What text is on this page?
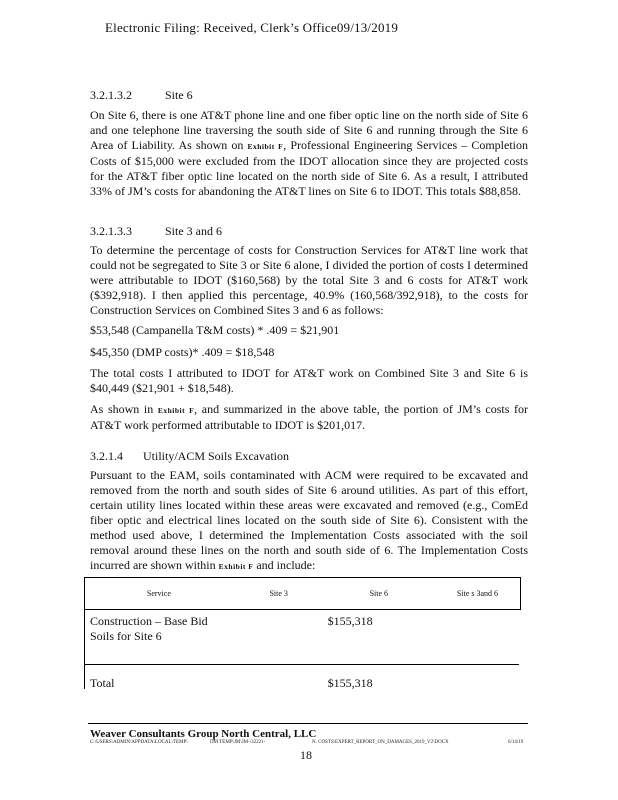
Electronic Filing: Received, Clerk’s Office09/13/2019
3.2.1.3.2	Site 6
On Site 6, there is one AT&T phone line and one fiber optic line on the north side of Site 6 and one telephone line traversing the south side of Site 6 and running through the Site 6 Area of Liability. As shown on Exhibit F, Professional Engineering Services – Completion Costs of $15,000 were excluded from the IDOT allocation since they are projected costs for the AT&T fiber optic line located on the north side of Site 6. As a result, I attributed 33% of JM’s costs for abandoning the AT&T lines on Site 6 to IDOT. This totals $88,858.
3.2.1.3.3	Site 3 and 6
To determine the percentage of costs for Construction Services for AT&T line work that could not be segregated to Site 3 or Site 6 alone, I divided the portion of costs I determined were attributable to IDOT ($160,568) by the total Site 3 and 6 costs for AT&T work ($392,918). I then applied this percentage, 40.9% (160,568/392,918), to the costs for Construction Services on Combined Sites 3 and 6 as follows:
$53,548 (Campanella T&M costs) * .409 = $21,901
$45,350 (DMP costs)* .409 = $18,548
The total costs I attributed to IDOT for AT&T work on Combined Site 3 and Site 6 is $40,449 ($21,901 + $18,548).
As shown in Exhibit F, and summarized in the above table, the portion of JM’s costs for AT&T work performed attributable to IDOT is $201,017.
3.2.1.4 Utility/ACM Soils Excavation
Pursuant to the EAM, soils contaminated with ACM were required to be excavated and removed from the north and south sides of Site 6 around utilities. As part of this effort, certain utility lines located within these areas were excavated and removed (e.g., ComEd fiber optic and electrical lines located on the south side of Site 6). Consistent with the method used above, I determined the Implementation Costs associated with the soil removal around these lines on the north and south side of 6. The Implementation Costs incurred are shown within Exhibit F and include:
Service	Site 3	Site 6	Site s 3and 6
Construction – Base Bid Soils for Site 6		$155,318	
Total		$155,318	
Weaver Consultants Group North Central, LLC
C:\USERS\ADMIN\APPDATA\LOCAL\TEMP\	DM TEMP\JM\JM-\32221-	N. COSTS\EXPERT_REPORT_ON_DAMAGES_2019_V2\DOCX	6/14/19
18
